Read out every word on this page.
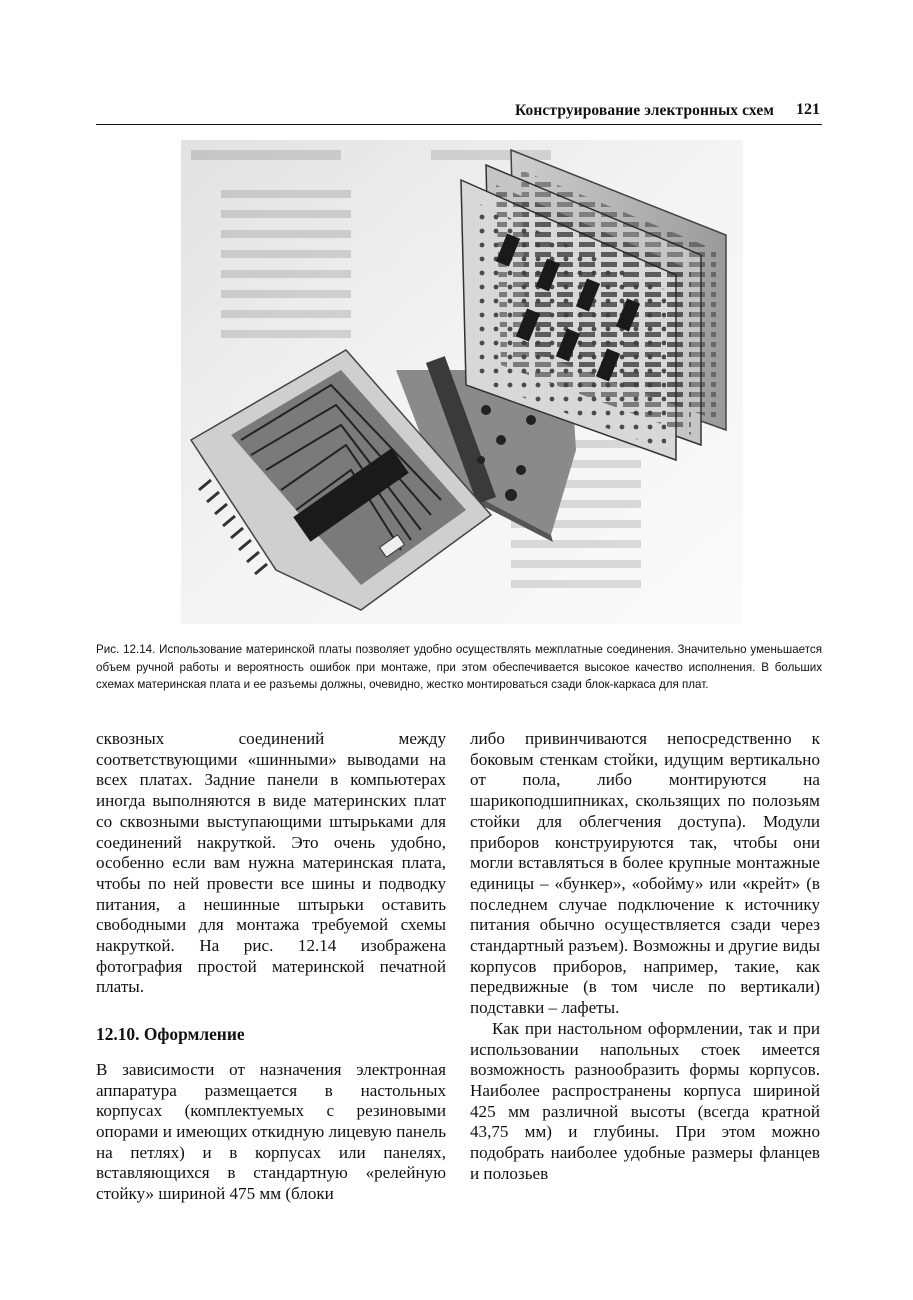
Конструирование электронных схем 121
Рис. 12.14. Использование материнской платы позволяет удобно осуществлять межплатные соединения. Значительно уменьшается объем ручной работы и вероятность ошибок при монтаже, при этом обеспечивается высокое качество исполнения. В больших схемах материнская плата и ее разъемы должны, очевидно, жестко монтироваться сзади блок-каркаса для плат.

сквозных соединений между соответствующими «шинными» выводами на всех платах. Задние панели в компьютерах иногда выполняются в виде материнских плат со сквозными выступающими штырьками для соединений накруткой. Это очень удобно, особенно если вам нужна материнская плата, чтобы по ней провести все шины и подводку питания, а нешинные штырьки оставить свободными для монтажа требуемой схемы накруткой. На рис. 12.14 изображена фотография простой материнской печатной платы.

12.10. Оформление

В зависимости от назначения электронная аппаратура размещается в настольных корпусах (комплектуемых с резиновыми опорами и имеющих откидную лицевую панель на петлях) и в корпусах или панелях, вставляющихся в стандартную «релейную стойку» шириной 475 мм (блоки

либо привинчиваются непосредственно к боковым стенкам стойки, идущим вертикально от пола, либо монтируются на шарикоподшипниках, скользящих по полозьям стойки для облегчения доступа). Модули приборов конструируются так, чтобы они могли вставляться в более крупные монтажные единицы – «бункер», «обойму» или «крейт» (в последнем случае подключение к источнику питания обычно осуществляется сзади через стандартный разъем). Возможны и другие виды корпусов приборов, например, такие, как передвижные (в том числе по вертикали) подставки – лафеты.

Как при настольном оформлении, так и при использовании напольных стоек имеется возможность разнообразить формы корпусов. Наиболее распространены корпуса шириной 425 мм различной высоты (всегда кратной 43,75 мм) и глубины. При этом можно подобрать наиболее удобные размеры фланцев и полозьев
